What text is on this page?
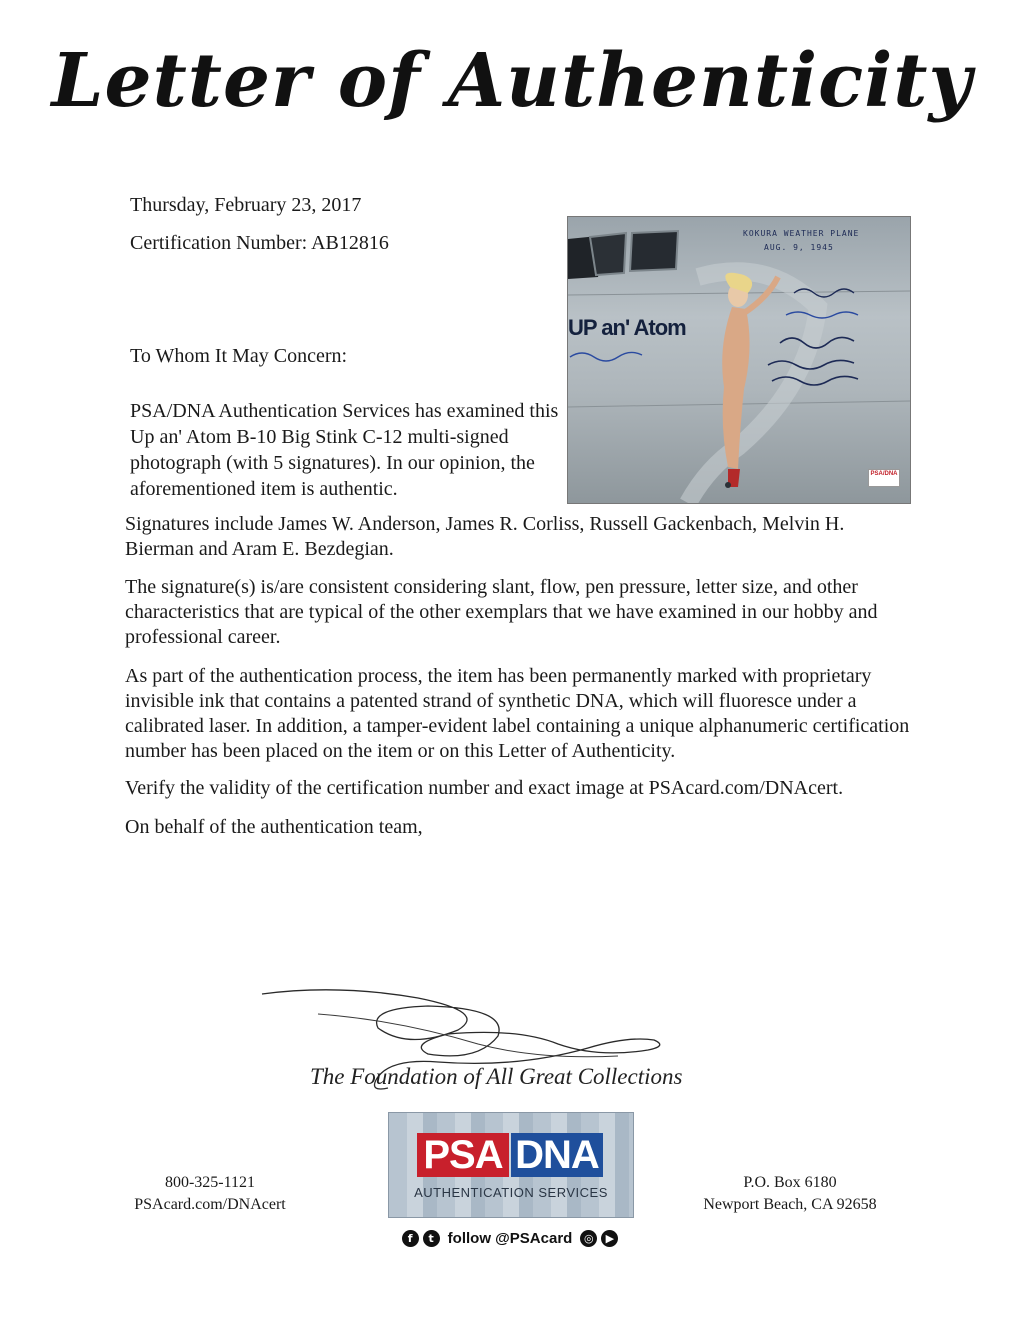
Letter of Authenticity
Thursday, February 23, 2017
Certification Number: AB12816	KOKURA WEATHER PLANE
AUG. 9, 1945
UP an' Atom
PSA/DNA
To Whom It May Concern:
PSA/DNA Authentication Services has examined this Up an' Atom B-10 Big Stink C-12 multi-signed photograph (with 5 signatures). In our opinion, the aforementioned item is authentic.
Signatures include James W. Anderson, James R. Corliss, Russell Gackenbach, Melvin H. Bierman and Aram E. Bezdegian.
The signature(s) is/are consistent considering slant, flow, pen pressure, letter size, and other characteristics that are typical of the other exemplars that we have examined in our hobby and professional career.
As part of the authentication process, the item has been permanently marked with proprietary invisible ink that contains a patented strand of synthetic DNA, which will fluoresce under a calibrated laser. In addition, a tamper-evident label containing a unique alphanumeric certification number has been placed on the item or on this Letter of Authenticity.
Verify the validity of the certification number and exact image at PSAcard.com/DNAcert.
On behalf of the authentication team,
The Foundation of All Great Collections
PSA DNA
AUTHENTICATION SERVICES
f	t follow @PSAcard	◎	▶
800-325-1121
PSAcard.com/DNAcert
P.O. Box 6180
Newport Beach, CA 92658
